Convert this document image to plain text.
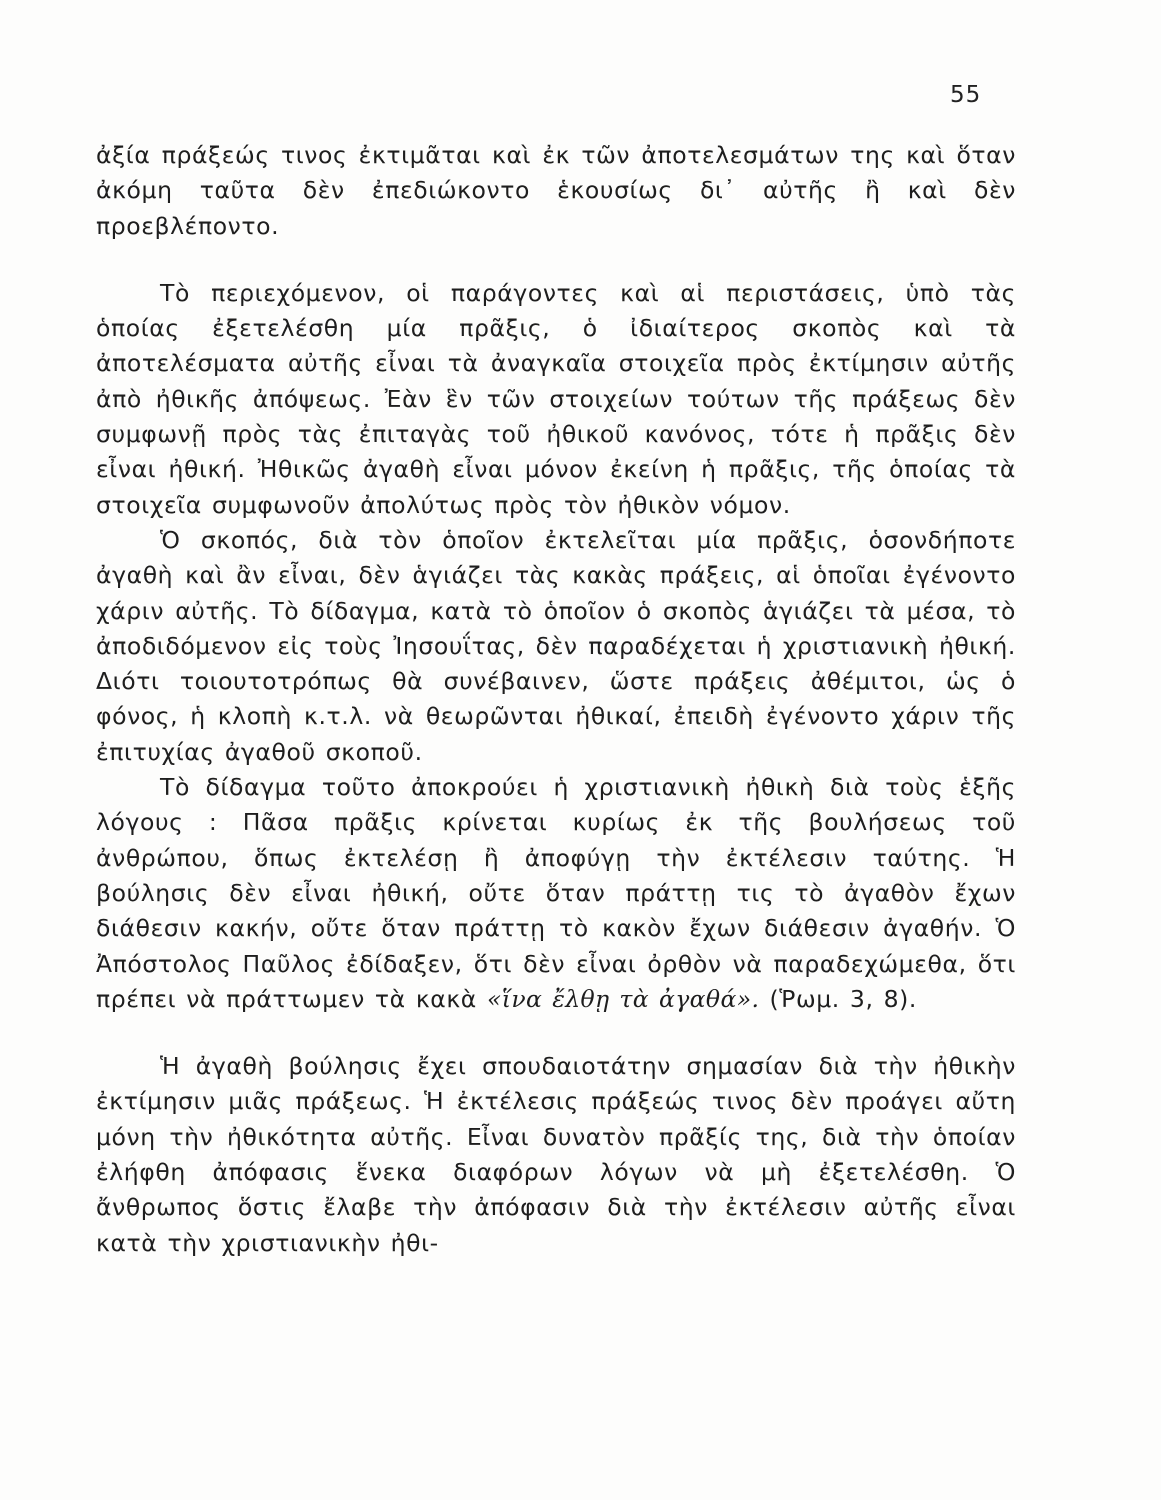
55

ἀξία πράξεώς τινος ἐκτιμᾶται καὶ ἐκ τῶν ἀποτελεσμάτων της καὶ ὅταν ἀκόμη ταῦτα δὲν ἐπεδιώκοντο ἑκουσίως δι᾽ αὐτῆς ἢ καὶ δὲν προεβλέποντο.

Τὸ περιεχόμενον, οἱ παράγοντες καὶ αἱ περιστάσεις, ὑπὸ τὰς ὁποίας ἐξετελέσθη μία πρᾶξις, ὁ ἰδιαίτερος σκοπὸς καὶ τὰ ἀποτελέσματα αὐτῆς εἶναι τὰ ἀναγκαῖα στοιχεῖα πρὸς ἐκτίμησιν αὐτῆς ἀπὸ ἠθικῆς ἀπόψεως. Ἐὰν ἓν τῶν στοιχείων τούτων τῆς πράξεως δὲν συμφωνῇ πρὸς τὰς ἐπιταγὰς τοῦ ἠθικοῦ κανόνος, τότε ἡ πρᾶξις δὲν εἶναι ἠθική. Ἠθικῶς ἀγαθὴ εἶναι μόνον ἐκείνη ἡ πρᾶξις, τῆς ὁποίας τὰ στοιχεῖα συμφωνοῦν ἀπολύτως πρὸς τὸν ἠθικὸν νόμον.

Ὁ σκοπός, διὰ τὸν ὁποῖον ἐκτελεῖται μία πρᾶξις, ὁσονδήποτε ἀγαθὴ καὶ ἂν εἶναι, δὲν ἁγιάζει τὰς κακὰς πράξεις, αἱ ὁποῖαι ἐγένοντο χάριν αὐτῆς. Τὸ δίδαγμα, κατὰ τὸ ὁποῖον ὁ σκοπὸς ἁγιάζει τὰ μέσα, τὸ ἀποδιδόμενον εἰς τοὺς Ἰησουΐτας, δὲν παραδέχεται ἡ χριστιανικὴ ἠθική. Διότι τοιουτοτρόπως θὰ συνέβαινεν, ὥστε πράξεις ἀθέμιτοι, ὡς ὁ φόνος, ἡ κλοπὴ κ.τ.λ. νὰ θεωρῶνται ἠθικαί, ἐπειδὴ ἐγένοντο χάριν τῆς ἐπιτυχίας ἀγαθοῦ σκοποῦ.

Τὸ δίδαγμα τοῦτο ἀποκρούει ἡ χριστιανικὴ ἠθικὴ διὰ τοὺς ἑξῆς λόγους : Πᾶσα πρᾶξις κρίνεται κυρίως ἐκ τῆς βουλήσεως τοῦ ἀνθρώπου, ὅπως ἐκτελέσῃ ἢ ἀποφύγῃ τὴν ἐκτέλεσιν ταύτης. Ἡ βούλησις δὲν εἶναι ἠθική, οὔτε ὅταν πράττῃ τις τὸ ἀγαθὸν ἔχων διάθεσιν κακήν, οὔτε ὅταν πράττῃ τὸ κακὸν ἔχων διάθεσιν ἀγαθήν. Ὁ Ἀπόστολος Παῦλος ἐδίδαξεν, ὅτι δὲν εἶναι ὀρθὸν νὰ παραδεχώμεθα, ὅτι πρέπει νὰ πράττωμεν τὰ κακὰ «ἵνα ἔλθῃ τὰ ἀγαθά». (Ῥωμ. 3, 8).

Ἡ ἀγαθὴ βούλησις ἔχει σπουδαιοτάτην σημασίαν διὰ τὴν ἠθικὴν ἐκτίμησιν μιᾶς πράξεως. Ἡ ἐκτέλεσις πράξεώς τινος δὲν προάγει αὔτη μόνη τὴν ἠθικότητα αὐτῆς. Εἶναι δυνατὸν πρᾶξίς της, διὰ τὴν ὁποίαν ἐλήφθη ἀπόφασις ἕνεκα διαφόρων λόγων νὰ μὴ ἐξετελέσθη. Ὁ ἄνθρωπος ὅστις ἔλαβε τὴν ἀπόφασιν διὰ τὴν ἐκτέλεσιν αὐτῆς εἶναι κατὰ τὴν χριστιανικὴν ἠθι-
